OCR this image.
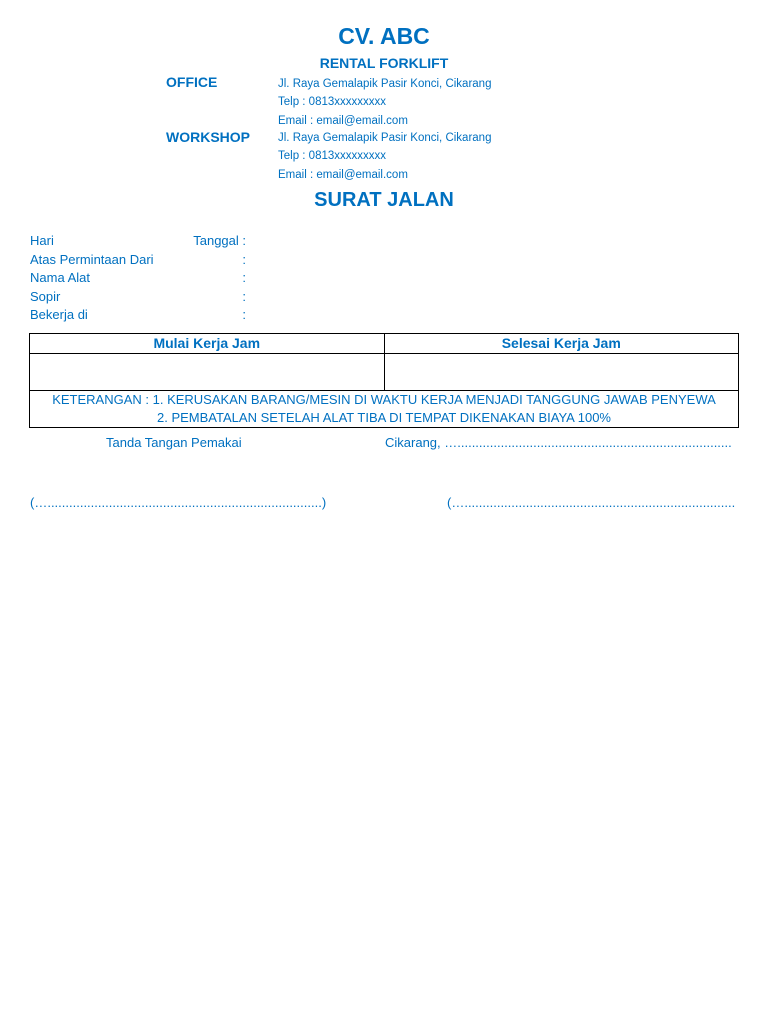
CV. ABC
RENTAL FORKLIFT
OFFICE	Jl. Raya Gemalapik Pasir Konci, Cikarang
Telp : 0813xxxxxxxxx
Email : email@email.com
WORKSHOP Jl. Raya Gemalapik Pasir Konci, Cikarang
Telp : 0813xxxxxxxxx
Email : email@email.com
SURAT JALAN
Hari	Tanggal :
Atas Permintaan Dari	:
Nama Alat	:
Sopir	:
Bekerja di	:
Mulai Kerja Jam	Selesai Kerja Jam

KETERANGAN : 1. KERUSAKAN BARANG/MESIN DI WAKTU KERJA MENJADI TANGGUNG JAWAB PENYEWA
2. PEMBATALAN SETELAH ALAT TIBA DI TEMPAT DIKENAKAN BIAYA 100%	
Tanda Tangan Pemakai	Cikarang, …............................................................................
(…............................................................................)	(…...........................................................................
